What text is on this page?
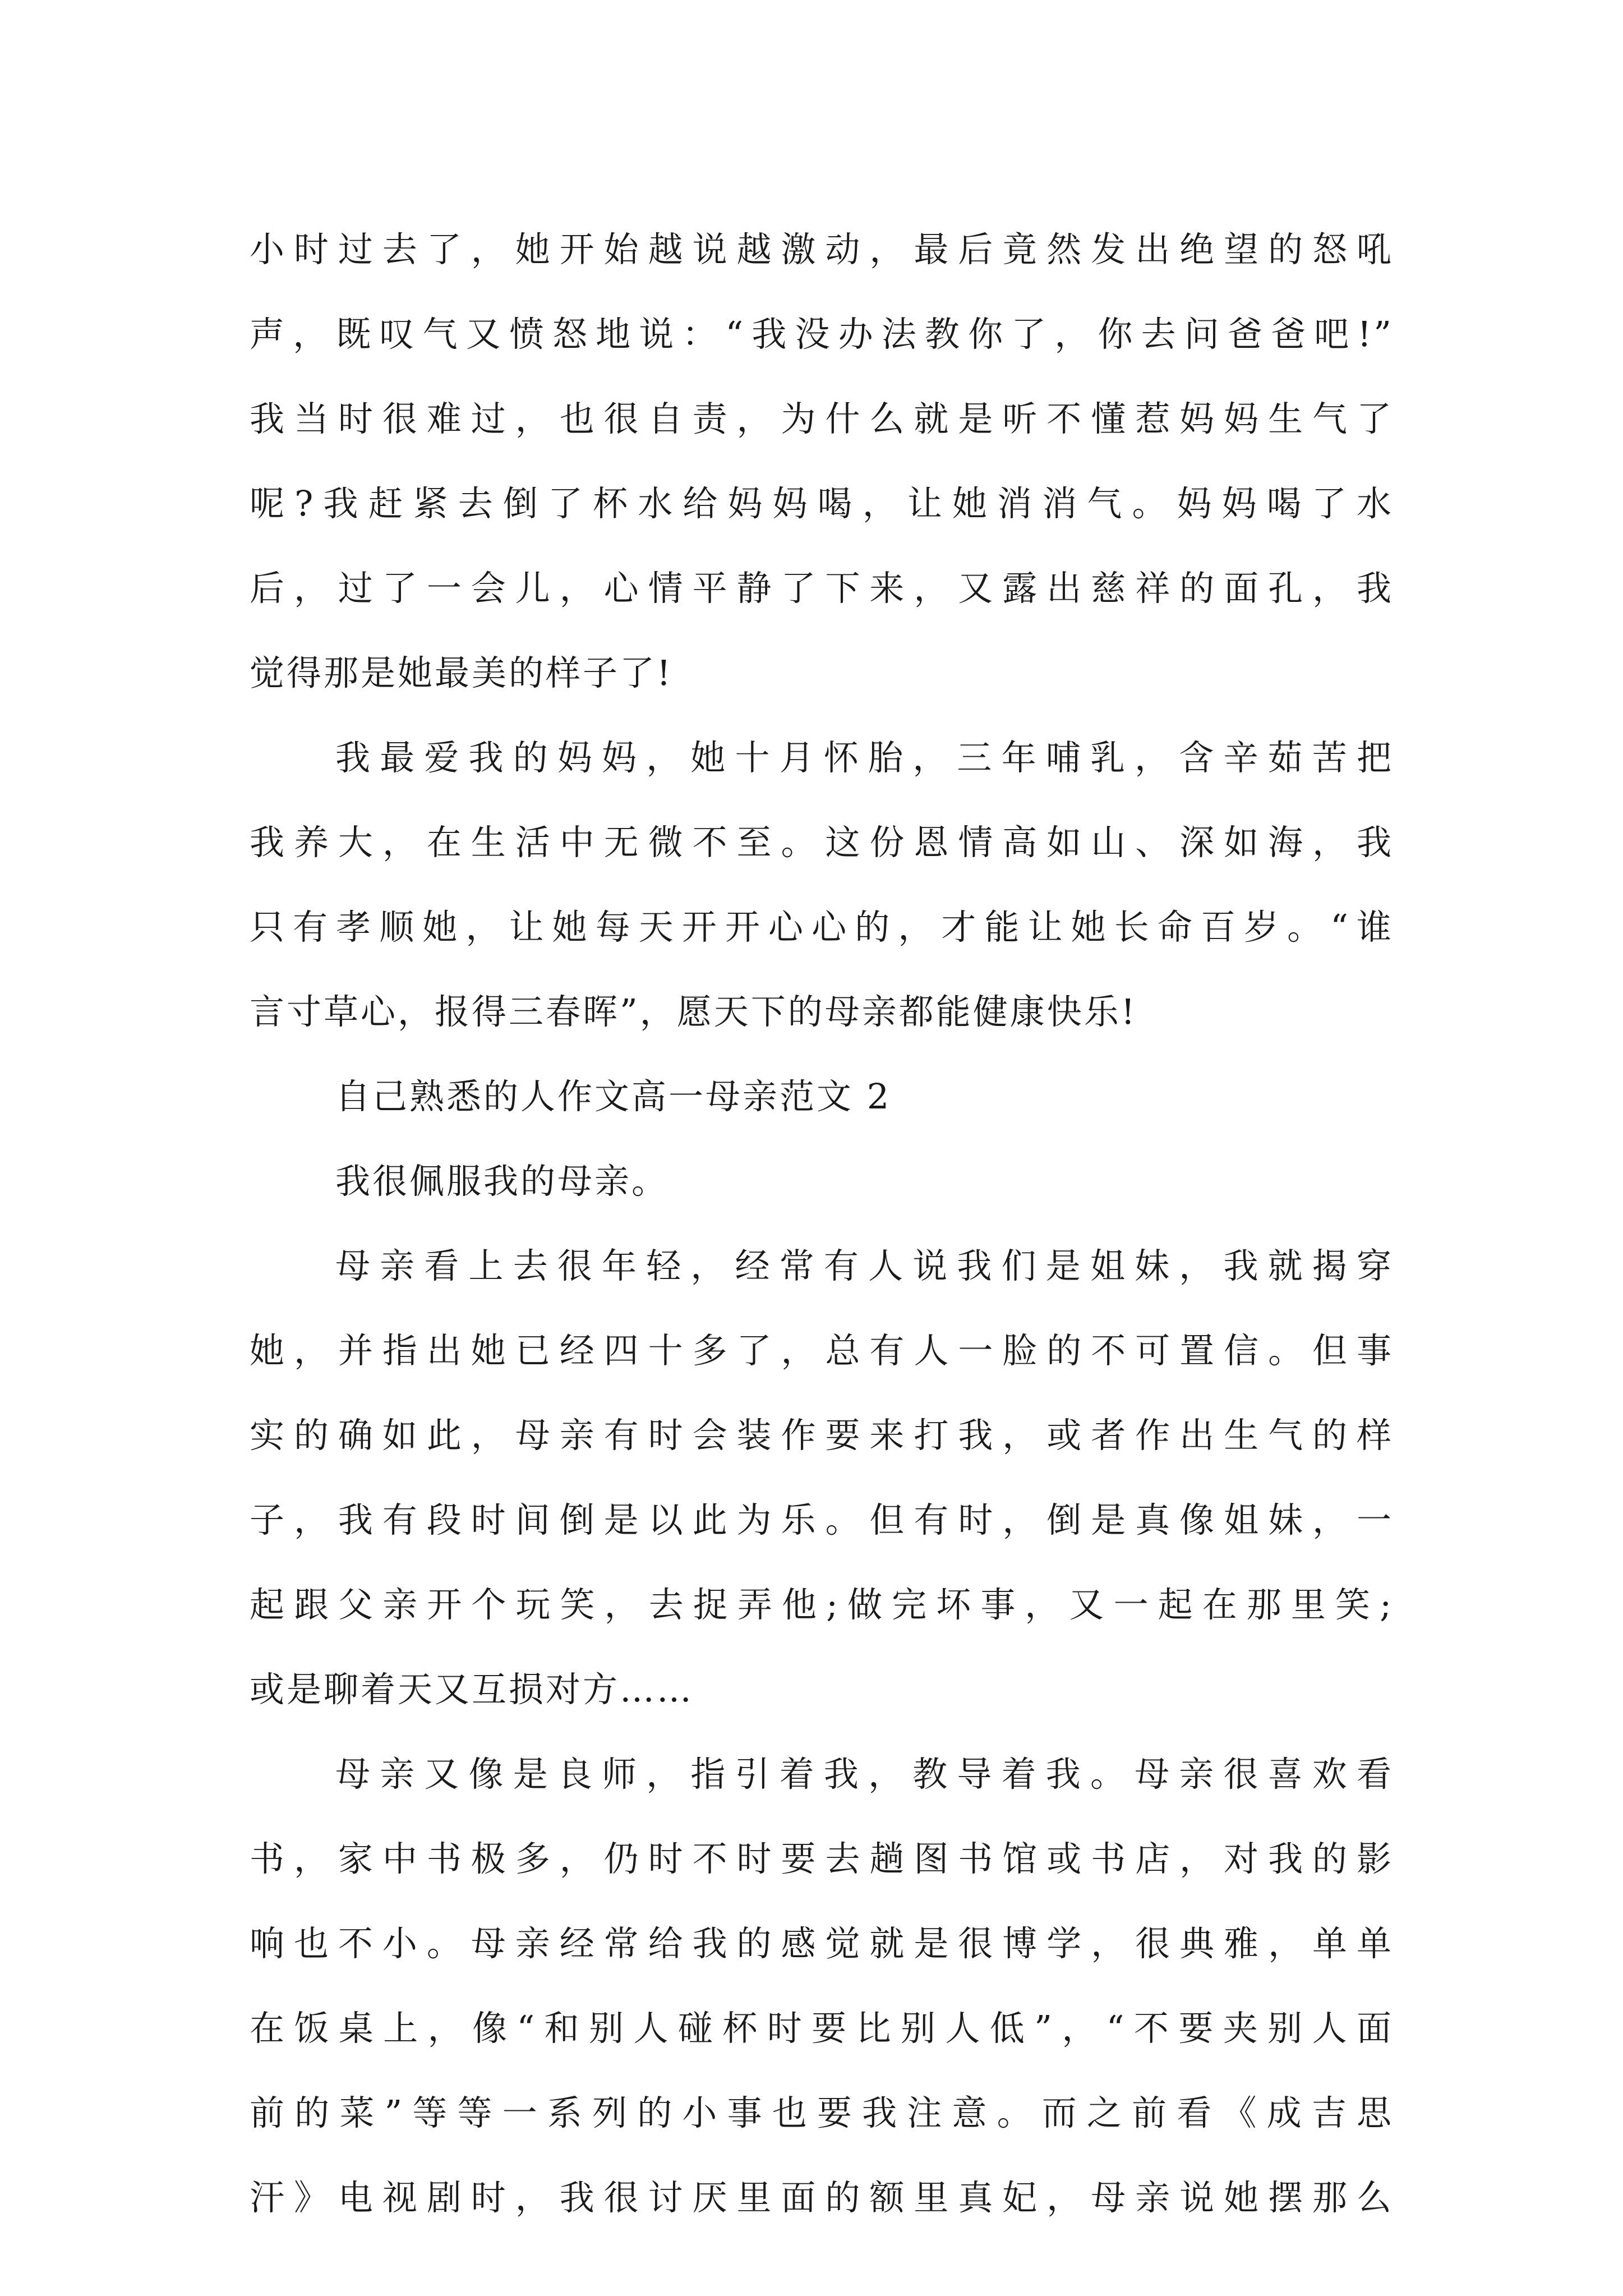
小时过去了，她开始越说越激动，最后竟然发出绝望的怒吼
声，既叹气又愤怒地说：“我没办法教你了，你去问爸爸吧!”
我当时很难过，也很自责，为什么就是听不懂惹妈妈生气了
呢?我赶紧去倒了杯水给妈妈喝，让她消消气。妈妈喝了水
后，过了一会儿，心情平静了下来，又露出慈祥的面孔，我
觉得那是她最美的样子了!
我最爱我的妈妈，她十月怀胎，三年哺乳，含辛茹苦把
我养大，在生活中无微不至。这份恩情高如山、深如海，我
只有孝顺她，让她每天开开心心的，才能让她长命百岁。“谁
言寸草心，报得三春晖”，愿天下的母亲都能健康快乐!
自己熟悉的人作文高一母亲范文 2
我很佩服我的母亲。
母亲看上去很年轻，经常有人说我们是姐妹，我就揭穿
她，并指出她已经四十多了，总有人一脸的不可置信。但事
实的确如此，母亲有时会装作要来打我，或者作出生气的样
子，我有段时间倒是以此为乐。但有时，倒是真像姐妹，一
起跟父亲开个玩笑，去捉弄他;做完坏事，又一起在那里笑;
或是聊着天又互损对方……
母亲又像是良师，指引着我，教导着我。母亲很喜欢看
书，家中书极多，仍时不时要去趟图书馆或书店，对我的影
响也不小。母亲经常给我的感觉就是很博学，很典雅，单单
在饭桌上，像“和别人碰杯时要比别人低”，“不要夹别人面
前的菜”等等一系列的小事也要我注意。而之前看《成吉思
汗》电视剧时，我很讨厌里面的额里真妃，母亲说她摆那么
